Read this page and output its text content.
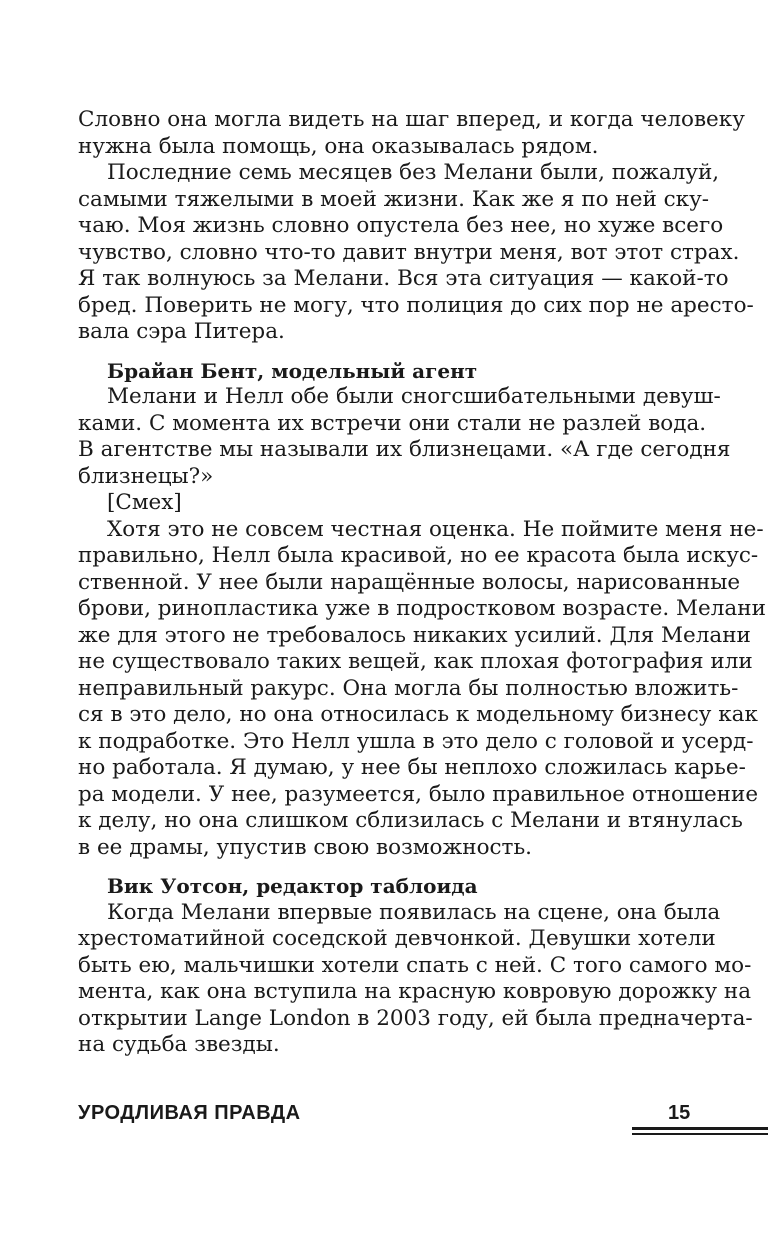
Словно она могла видеть на шаг вперед, и когда человеку
нужна была помощь, она оказывалась рядом.
Последние семь месяцев без Мелани были, пожалуй,
самыми тяжелыми в моей жизни. Как же я по ней ску-
чаю. Моя жизнь словно опустела без нее, но хуже всего
чувство, словно что-то давит внутри меня, вот этот страх.
Я так волнуюсь за Мелани. Вся эта ситуация — какой-то
бред. Поверить не могу, что полиция до сих пор не аресто-
вала сэра Питера.
Брайан Бент, модельный агент
Мелани и Нелл обе были сногсшибательными девуш-
ками. С момента их встречи они стали не разлей вода.
В агентстве мы называли их близнецами. «А где сегодня
близнецы?»
[Смех]
Хотя это не совсем честная оценка. Не поймите меня не-
правильно, Нелл была красивой, но ее красота была искус-
ственной. У нее были наращённые волосы, нарисованные
брови, ринопластика уже в подростковом возрасте. Мелани
же для этого не требовалось никаких усилий. Для Мелани
не существовало таких вещей, как плохая фотография или
неправильный ракурс. Она могла бы полностью вложить-
ся в это дело, но она относилась к модельному бизнесу как
к подработке. Это Нелл ушла в это дело с головой и усерд-
но работала. Я думаю, у нее бы неплохо сложилась карье-
ра модели. У нее, разумеется, было правильное отношение
к делу, но она слишком сблизилась с Мелани и втянулась
в ее драмы, упустив свою возможность.
Вик Уотсон, редактор таблоида
Когда Мелани впервые появилась на сцене, она была
хрестоматийной соседской девчонкой. Девушки хотели
быть ею, мальчишки хотели спать с ней. С того самого мо-
мента, как она вступила на красную ковровую дорожку на
открытии Lange London в 2003 году, ей была предначерта-
на судьба звезды.
УРОДЛИВАЯ ПРАВДА	15
